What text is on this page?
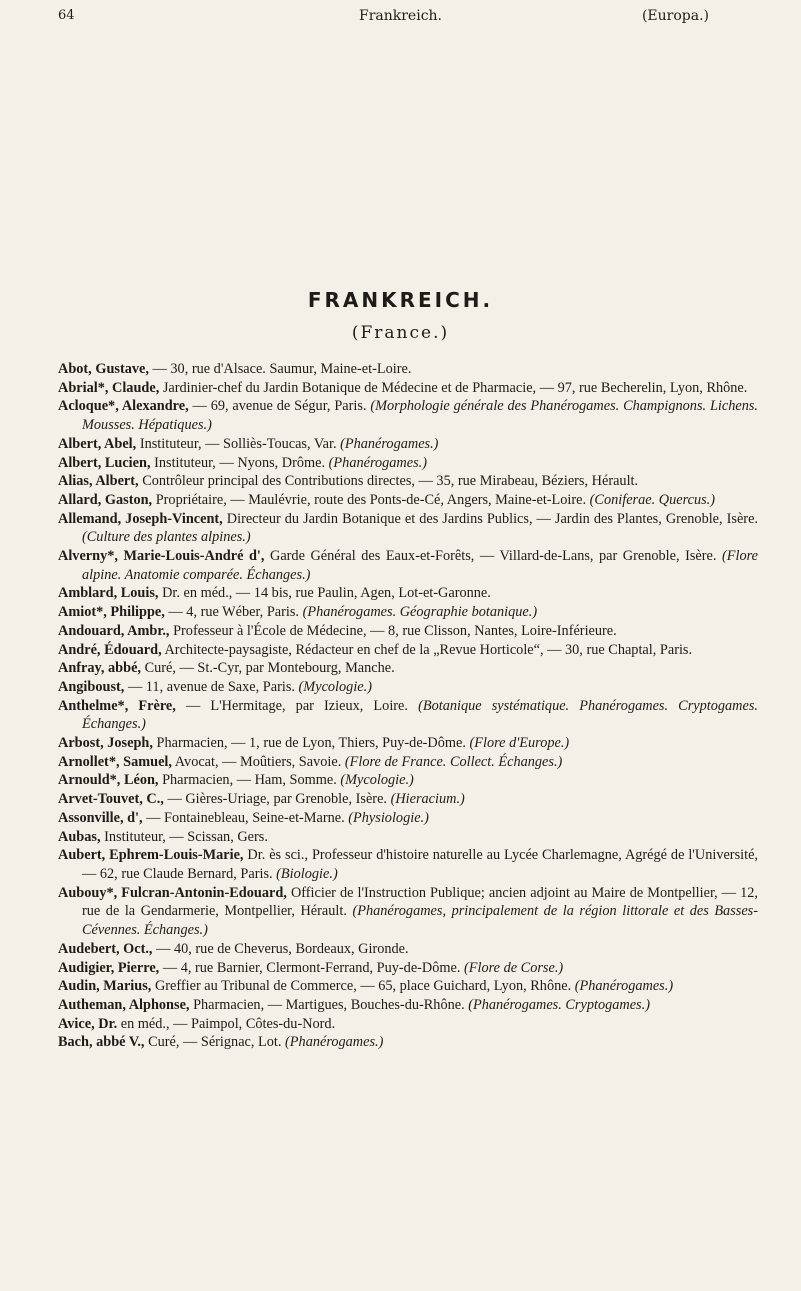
64	Frankreich.	(Europa.)
FRANKREICH.
(France.)

Abot, Gustave, — 30, rue d'Alsace. Saumur, Maine-et-Loire.

Abrial*, Claude, Jardinier-chef du Jardin Botanique de Médecine et de Pharmacie, — 97, rue Becherelin, Lyon, Rhône.

Acloque*, Alexandre, — 69, avenue de Ségur, Paris. (Morphologie générale des Phanérogames. Champignons. Lichens. Mousses. Hépatiques.)

Albert, Abel, Instituteur, — Solliès-Toucas, Var. (Phanérogames.)

Albert, Lucien, Instituteur, — Nyons, Drôme. (Phanérogames.)

Alias, Albert, Contrôleur principal des Contributions directes, — 35, rue Mirabeau, Béziers, Hérault.

Allard, Gaston, Propriétaire, — Maulévrie, route des Ponts-de-Cé, Angers, Maine-et-Loire. (Coniferae. Quercus.)

Allemand, Joseph-Vincent, Directeur du Jardin Botanique et des Jardins Publics, — Jardin des Plantes, Grenoble, Isère. (Culture des plantes alpines.)

Alverny*, Marie-Louis-André d', Garde Général des Eaux-et-Forêts, — Villard-de-Lans, par Grenoble, Isère. (Flore alpine. Anatomie comparée. Échanges.)

Amblard, Louis, Dr. en méd., — 14 bis, rue Paulin, Agen, Lot-et-Garonne.

Amiot*, Philippe, — 4, rue Wéber, Paris. (Phanérogames. Géographie botanique.)

Andouard, Ambr., Professeur à l'École de Médecine, — 8, rue Clisson, Nantes, Loire-Inférieure.

André, Édouard, Architecte-paysagiste, Rédacteur en chef de la „Revue Horticole“, — 30, rue Chaptal, Paris.

Anfray, abbé, Curé, — St.-Cyr, par Montebourg, Manche.

Angiboust, — 11, avenue de Saxe, Paris. (Mycologie.)

Anthelme*, Frère, — L'Hermitage, par Izieux, Loire. (Botanique systématique. Phanérogames. Cryptogames. Échanges.)

Arbost, Joseph, Pharmacien, — 1, rue de Lyon, Thiers, Puy-de-Dôme. (Flore d'Europe.)

Arnollet*, Samuel, Avocat, — Moûtiers, Savoie. (Flore de France. Collect. Échanges.)

Arnould*, Léon, Pharmacien, — Ham, Somme. (Mycologie.)

Arvet-Touvet, C., — Gières-Uriage, par Grenoble, Isère. (Hieracium.)

Assonville, d', — Fontainebleau, Seine-et-Marne. (Physiologie.)

Aubas, Instituteur, — Scissan, Gers.

Aubert, Ephrem-Louis-Marie, Dr. ès sci., Professeur d'histoire naturelle au Lycée Charlemagne, Agrégé de l'Université, — 62, rue Claude Bernard, Paris. (Biologie.)

Aubouy*, Fulcran-Antonin-Edouard, Officier de l'Instruction Publique; ancien adjoint au Maire de Montpellier, — 12, rue de la Gendarmerie, Montpellier, Hérault. (Phanérogames, principalement de la région littorale et des Basses-Cévennes. Échanges.)

Audebert, Oct., — 40, rue de Cheverus, Bordeaux, Gironde.

Audigier, Pierre, — 4, rue Barnier, Clermont-Ferrand, Puy-de-Dôme. (Flore de Corse.)

Audin, Marius, Greffier au Tribunal de Commerce, — 65, place Guichard, Lyon, Rhône. (Phanérogames.)

Autheman, Alphonse, Pharmacien, — Martigues, Bouches-du-Rhône. (Phanérogames. Cryptogames.)

Avice, Dr. en méd., — Paimpol, Côtes-du-Nord.

Bach, abbé V., Curé, — Sérignac, Lot. (Phanérogames.)
